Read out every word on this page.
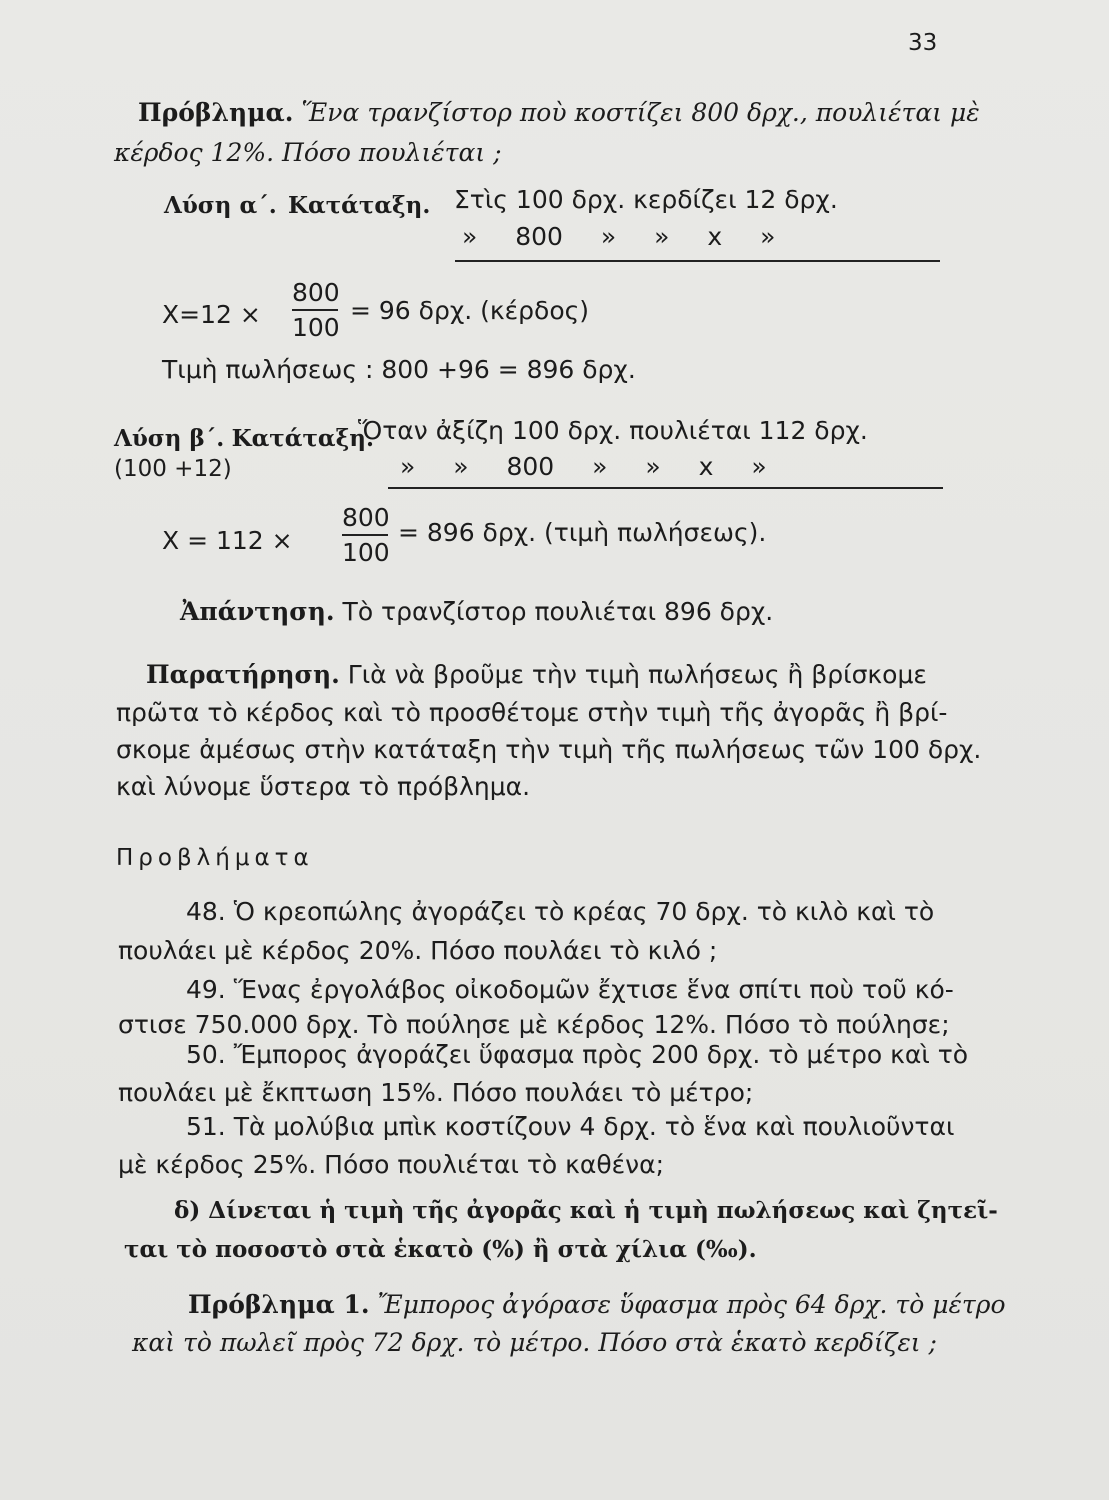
33
Πρόβλημα. Ἕνα τρανζίστορ ποὺ κοστίζει 800 δρχ., πουλιέται μὲ
κέρδος 12%. Πόσο πουλιέται ;
Λύση α΄. Κατάταξη. Στὶς 100 δρχ. κερδίζει 12 δρχ.
» 800 » » x »
X=12 ×
800
100
= 96 δρχ. (κέρδος)
Τιμὴ πωλήσεως : 800 +96 = 896 δρχ.
Λύση β΄. Κατάταξη.
Ὅταν ἀξίζη 100 δρχ. πουλιέται 112 δρχ.
(100 +12)	» » 800 » » x »
X = 112 ×
800
100
= 896 δρχ. (τιμὴ πωλήσεως).
Ἀπάντηση. Τὸ τρανζίστορ πουλιέται 896 δρχ.
Παρατήρηση. Γιὰ νὰ βροῦμε τὴν τιμὴ πωλήσεως ἢ βρίσκομε
πρῶτα τὸ κέρδος καὶ τὸ προσθέτομε στὴν τιμὴ τῆς ἀγορᾶς ἢ βρί-
σκομε ἀμέσως στὴν κατάταξη τὴν τιμὴ τῆς πωλήσεως τῶν 100 δρχ.
καὶ λύνομε ὕστερα τὸ πρόβλημα.
Προβλήματα
48. Ὁ κρεοπώλης ἀγοράζει τὸ κρέας 70 δρχ. τὸ κιλὸ καὶ τὸ
πουλάει μὲ κέρδος 20%. Πόσο πουλάει τὸ κιλό ;
49. Ἕνας ἐργολάβος οἰκοδομῶν ἔχτισε ἕνα σπίτι ποὺ τοῦ κό-
στισε 750.000 δρχ. Τὸ πούλησε μὲ κέρδος 12%. Πόσο τὸ πούλησε;
50. Ἔμπορος ἀγοράζει ὕφασμα πρὸς 200 δρχ. τὸ μέτρο καὶ τὸ
πουλάει μὲ ἔκπτωση 15%. Πόσο πουλάει τὸ μέτρο;
51. Τὰ μολύβια μπὶκ κοστίζουν 4 δρχ. τὸ ἕνα καὶ πουλιοῦνται
μὲ κέρδος 25%. Πόσο πουλιέται τὸ καθένα;
δ) Δίνεται ἡ τιμὴ τῆς ἀγορᾶς καὶ ἡ τιμὴ πωλήσεως καὶ ζητεῖ-
ται τὸ ποσοστὸ στὰ ἑκατὸ (%) ἢ στὰ χίλια (‰).
Πρόβλημα 1. Ἔμπορος ἀγόρασε ὕφασμα πρὸς 64 δρχ. τὸ μέτρο
καὶ τὸ πωλεῖ πρὸς 72 δρχ. τὸ μέτρο. Πόσο στὰ ἑκατὸ κερδίζει ;
